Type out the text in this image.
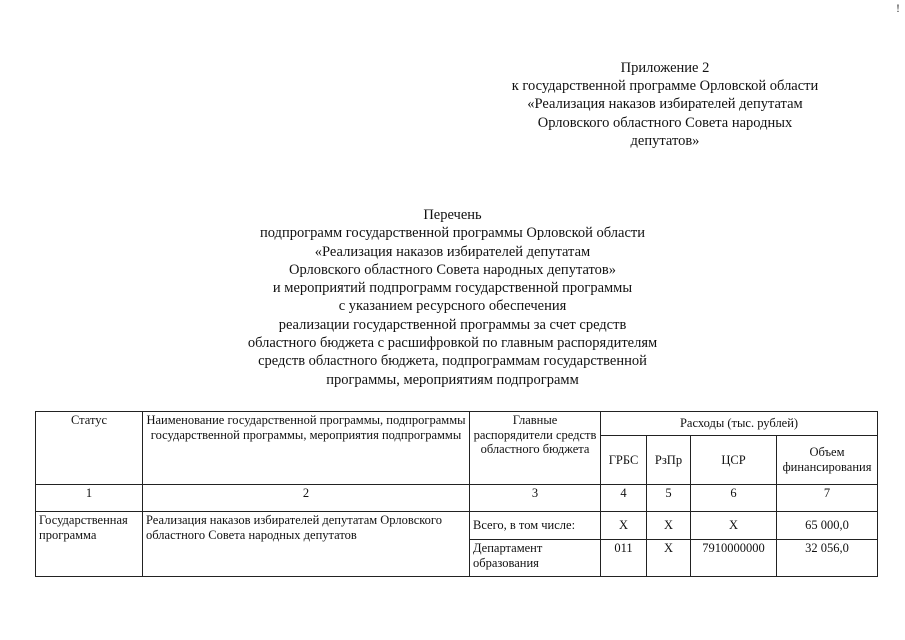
!
Приложение 2
к государственной программе Орловской области
«Реализация наказов избирателей депутатам
Орловского областного Совета народных
депутатов»
Перечень
подпрограмм государственной программы Орловской области
«Реализация наказов избирателей депутатам
Орловского областного Совета народных депутатов»
и мероприятий подпрограмм государственной программы
с указанием ресурсного обеспечения
реализации государственной программы за счет средств
областного бюджета с расшифровкой по главным распорядителям
средств областного бюджета, подпрограммам государственной
программы, мероприятиям подпрограмм
Статус	Наименование государственной программы, подпрограммы государственной программы, мероприятия подпрограммы	Главные распорядители средств областного бюджета	Расходы (тыс. рублей)			
			ГРБС	РзПр	ЦСР	Объем финансирования
1	2	3	4	5	6	7
Государственная программа	Реализация наказов избирателей депутатам Орловского областного Совета народных депутатов	Всего, в том числе:	Х	Х	Х	65 000,0
		Департамент образования	011	Х	7910000000	32 056,0
